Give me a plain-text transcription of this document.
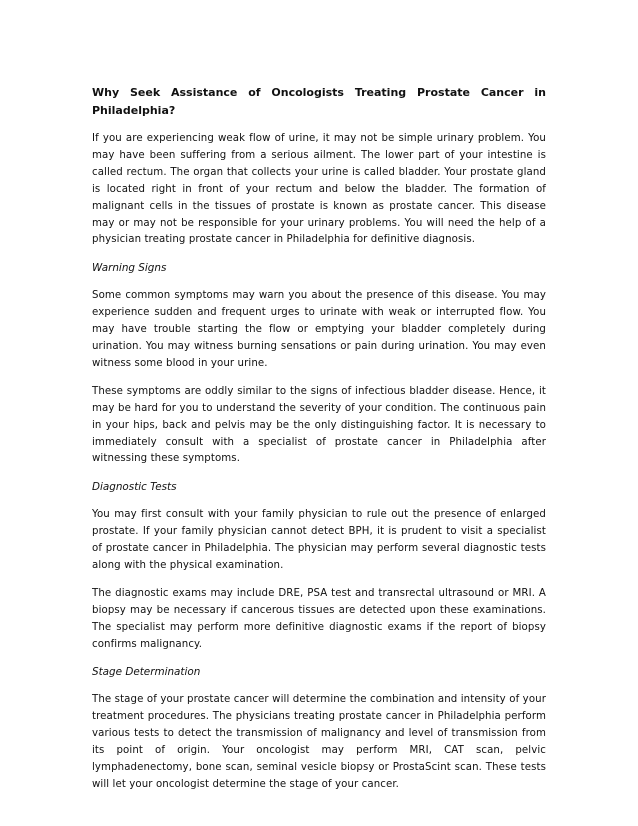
Why Seek Assistance of Oncologists Treating Prostate Cancer in Philadelphia?

If you are experiencing weak flow of urine, it may not be simple urinary problem. You may have been suffering from a serious ailment. The lower part of your intestine is called rectum. The organ that collects your urine is called bladder. Your prostate gland is located right in front of your rectum and below the bladder. The formation of malignant cells in the tissues of prostate is known as prostate cancer. This disease may or may not be responsible for your urinary problems. You will need the help of a physician treating prostate cancer in Philadelphia for definitive diagnosis.

Warning Signs

Some common symptoms may warn you about the presence of this disease. You may experience sudden and frequent urges to urinate with weak or interrupted flow. You may have trouble starting the flow or emptying your bladder completely during urination. You may witness burning sensations or pain during urination. You may even witness some blood in your urine.

These symptoms are oddly similar to the signs of infectious bladder disease. Hence, it may be hard for you to understand the severity of your condition. The continuous pain in your hips, back and pelvis may be the only distinguishing factor. It is necessary to immediately consult with a specialist of prostate cancer in Philadelphia after witnessing these symptoms.

Diagnostic Tests

You may first consult with your family physician to rule out the presence of enlarged prostate. If your family physician cannot detect BPH, it is prudent to visit a specialist of prostate cancer in Philadelphia. The physician may perform several diagnostic tests along with the physical examination.

The diagnostic exams may include DRE, PSA test and transrectal ultrasound or MRI. A biopsy may be necessary if cancerous tissues are detected upon these examinations. The specialist may perform more definitive diagnostic exams if the report of biopsy confirms malignancy.

Stage Determination

The stage of your prostate cancer will determine the combination and intensity of your treatment procedures. The physicians treating prostate cancer in Philadelphia perform various tests to detect the transmission of malignancy and level of transmission from its point of origin. Your oncologist may perform MRI, CAT scan, pelvic lymphadenectomy, bone scan, seminal vesicle biopsy or ProstaScint scan. These tests will let your oncologist determine the stage of your cancer.
